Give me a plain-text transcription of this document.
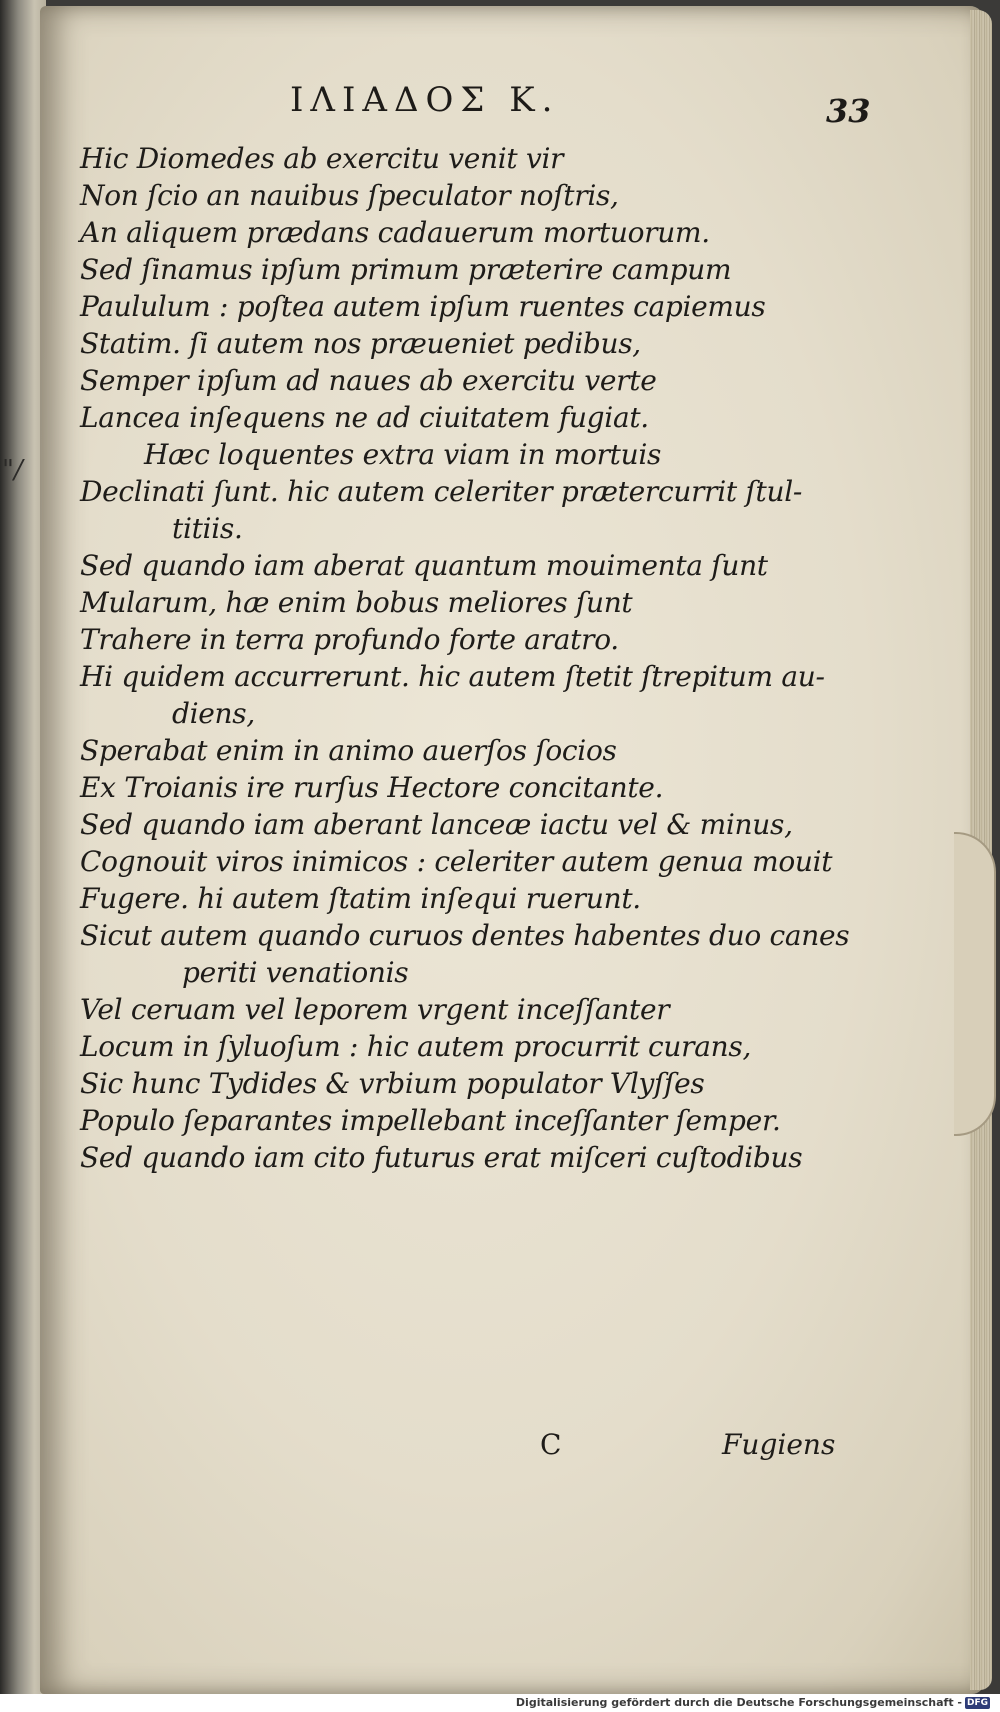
"/
ΙΛΙΑΔΟΣ Κ.	33
Hic Diomedes ab exercitu venit vir
Non ſcio an nauibus ſpeculator noſtris,
An aliquem prædans cadauerum mortuorum.
Sed ſinamus ipſum primum præterire campum
Paululum : poſtea autem ipſum ruentes capiemus
Statim. ſi autem nos præueniet pedibus,
Semper ipſum ad naues ab exercitu verte
Lancea inſequens ne ad ciuitatem fugiat.
Hæc loquentes extra viam in mortuis
Declinati ſunt. hic autem celeriter prætercurrit ſtul-
titiis.
Sed quando iam aberat quantum mouimenta ſunt
Mularum, hæ enim bobus meliores ſunt
Trahere in terra profundo forte aratro.
Hi quidem accurrerunt. hic autem ſtetit ſtrepitum au-
diens,
Sperabat enim in animo auerſos ſocios
Ex Troianis ire rurſus Hectore concitante.
Sed quando iam aberant lanceæ iactu vel & minus,
Cognouit viros inimicos : celeriter autem genua mouit
Fugere. hi autem ſtatim inſequi ruerunt.
Sicut autem quando curuos dentes habentes duo canes
periti venationis
Vel ceruam vel leporem vrgent inceſſanter
Locum in ſyluoſum : hic autem procurrit curans,
Sic hunc Tydides & vrbium populator Vlyſſes
Populo ſeparantes impellebant inceſſanter ſemper.
Sed quando iam cito futurus erat miſceri cuſtodibus
C	Fugiens
Digitalisierung gefördert durch die Deutsche Forschungsgemeinschaft - DFG
